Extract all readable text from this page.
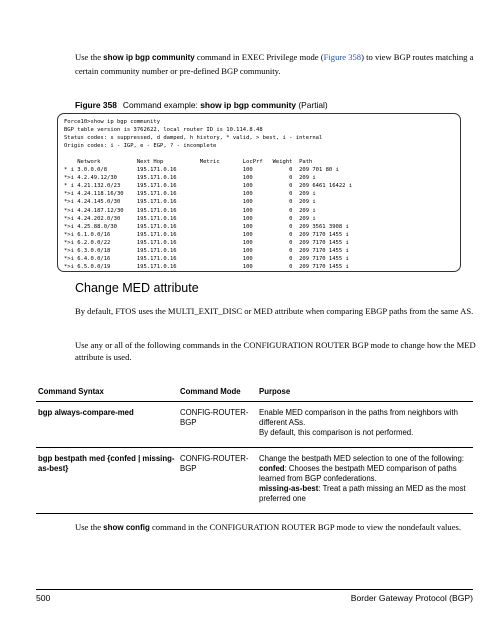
Use the show ip bgp community command in EXEC Privilege mode (Figure 358) to view BGP routes matching a certain community number or pre-defined BGP community.
Figure 358 Command example: show ip bgp community (Partial)
Force10>show ip bgp community
BGP table version is 3762622, local router ID is 10.114.8.48
Status codes: s suppressed, d damped, h history, * valid, > best, i - internal
Origin codes: i - IGP, e - EGP, ? - incomplete
Network           Next Hop           Metric       LocPrf   Weight  Path
* i 3.0.0.0/8         195.171.0.16                    100           0  209 701 80 i
*>i 4.2.49.12/30      195.171.0.16                    100           0  209 i
* i 4.21.132.0/23     195.171.0.16                    100           0  209 6461 16422 i
*>i 4.24.118.16/30    195.171.0.16                    100           0  209 i
*>i 4.24.145.0/30     195.171.0.16                    100           0  209 i
*>i 4.24.187.12/30    195.171.0.16                    100           0  209 i
*>i 4.24.202.0/30     195.171.0.16                    100           0  209 i
*>i 4.25.88.0/30      195.171.0.16                    100           0  209 3561 3908 i
*>i 6.1.0.0/16        195.171.0.16                    100           0  209 7170 1455 i
*>i 6.2.0.0/22        195.171.0.16                    100           0  209 7170 1455 i
*>i 6.3.0.0/18        195.171.0.16                    100           0  209 7170 1455 i
*>i 6.4.0.0/16        195.171.0.16                    100           0  209 7170 1455 i
*>i 6.5.0.0/19        195.171.0.16                    100           0  209 7170 1455 i
Change MED attribute
By default, FTOS uses the MULTI_EXIT_DISC or MED attribute when comparing EBGP paths from the same AS.
Use any or all of the following commands in the CONFIGURATION ROUTER BGP mode to change how the MED attribute is used.
Command Syntax	Command Mode	Purpose
bgp always-compare-med	CONFIG-ROUTER-BGP	Enable MED comparison in the paths from neighbors with different ASs.
By default, this comparison is not performed.

bgp bestpath med {confed | missing-as-best}	CONFIG-ROUTER-BGP	Change the bestpath MED selection to one of the following:
confed: Chooses the bestpath MED comparison of paths learned from BGP confederations.
missing-as-best: Treat a path missing an MED as the most preferred one
Use the show config command in the CONFIGURATION ROUTER BGP mode to view the nondefault values.
500	Border Gateway Protocol (BGP)
